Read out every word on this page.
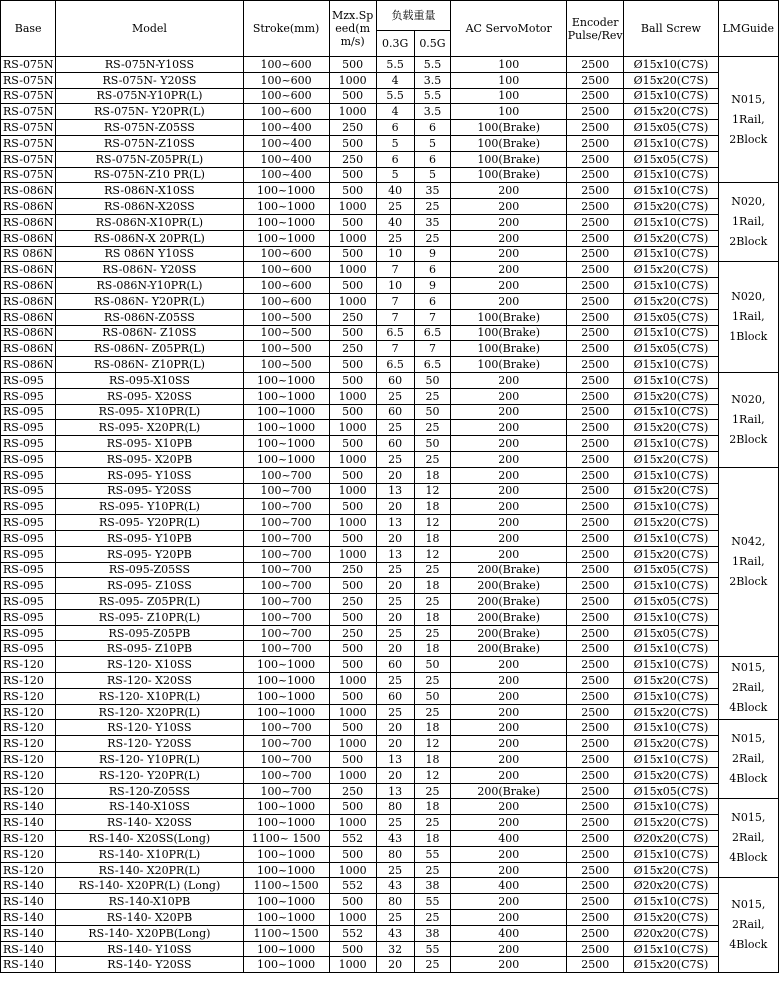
Base	Model	Stroke(mm)	Mzx.Speed(mm/s)	负载重量		AC ServoMotor	Encoder Pulse/Rev	Ball Screw	LMGuide
				0.3G	0.5G				
RS-075N	RS-075N-Y10SS	100~600	500	5.5	5.5	100	2500	Ø15x10(C7S)	N015,
1Rail,
2Block

RS-075N	RS-075N- Y20SS	100~600	1000	4	3.5	100	2500	Ø15x20(C7S)	
RS-075N	RS-075N-Y10PR(L)	100~600	500	5.5	5.5	100	2500	Ø15x10(C7S)	
RS-075N	RS-075N- Y20PR(L)	100~600	1000	4	3.5	100	2500	Ø15x20(C7S)	
RS-075N	RS-075N-Z05SS	100~400	250	6	6	100(Brake)	2500	Ø15x05(C7S)	
RS-075N	RS-075N-Z10SS	100~400	500	5	5	100(Brake)	2500	Ø15x10(C7S)	
RS-075N	RS-075N-Z05PR(L)	100~400	250	6	6	100(Brake)	2500	Ø15x05(C7S)	
RS-075N	RS-075N-Z10 PR(L)	100~400	500	5	5	100(Brake)	2500	Ø15x10(C7S)	
RS-086N	RS-086N-X10SS	100~1000	500	40	35	200	2500	Ø15x10(C7S)	N020,
1Rail,
2Block

RS-086N	RS-086N-X20SS	100~1000	1000	25	25	200	2500	Ø15x20(C7S)	
RS-086N	RS-086N-X10PR(L)	100~1000	500	40	35	200	2500	Ø15x10(C7S)	
RS-086N	RS-086N-X 20PR(L)	100~1000	1000	25	25	200	2500	Ø15x20(C7S)	
RS 086N	RS 086N Y10SS	100~600	500	10	9	200	2500	Ø15x10(C7S)	
RS-086N	RS-086N- Y20SS	100~600	1000	7	6	200	2500	Ø15x20(C7S)	N020,
1Rail,
1Block

RS-086N	RS-086N-Y10PR(L)	100~600	500	10	9	200	2500	Ø15x10(C7S)	
RS-086N	RS-086N- Y20PR(L)	100~600	1000	7	6	200	2500	Ø15x20(C7S)	
RS-086N	RS-086N-Z05SS	100~500	250	7	7	100(Brake)	2500	Ø15x05(C7S)	
RS-086N	RS-086N- Z10SS	100~500	500	6.5	6.5	100(Brake)	2500	Ø15x10(C7S)	
RS-086N	RS-086N- Z05PR(L)	100~500	250	7	7	100(Brake)	2500	Ø15x05(C7S)	
RS-086N	RS-086N- Z10PR(L)	100~500	500	6.5	6.5	100(Brake)	2500	Ø15x10(C7S)	
RS-095	RS-095-X10SS	100~1000	500	60	50	200	2500	Ø15x10(C7S)	N020,
1Rail,
2Block

RS-095	RS-095- X20SS	100~1000	1000	25	25	200	2500	Ø15x20(C7S)	
RS-095	RS-095- X10PR(L)	100~1000	500	60	50	200	2500	Ø15x10(C7S)	
RS-095	RS-095- X20PR(L)	100~1000	1000	25	25	200	2500	Ø15x20(C7S)	
RS-095	RS-095- X10PB	100~1000	500	60	50	200	2500	Ø15x10(C7S)	
RS-095	RS-095- X20PB	100~1000	1000	25	25	200	2500	Ø15x20(C7S)	
RS-095	RS-095- Y10SS	100~700	500	20	18	200	2500	Ø15x10(C7S)	N042,
1Rail,
2Block

RS-095	RS-095- Y20SS	100~700	1000	13	12	200	2500	Ø15x20(C7S)	
RS-095	RS-095- Y10PR(L)	100~700	500	20	18	200	2500	Ø15x10(C7S)	
RS-095	RS-095- Y20PR(L)	100~700	1000	13	12	200	2500	Ø15x20(C7S)	
RS-095	RS-095- Y10PB	100~700	500	20	18	200	2500	Ø15x10(C7S)	
RS-095	RS-095- Y20PB	100~700	1000	13	12	200	2500	Ø15x20(C7S)	
RS-095	RS-095-Z05SS	100~700	250	25	25	200(Brake)	2500	Ø15x05(C7S)	
RS-095	RS-095- Z10SS	100~700	500	20	18	200(Brake)	2500	Ø15x10(C7S)	
RS-095	RS-095- Z05PR(L)	100~700	250	25	25	200(Brake)	2500	Ø15x05(C7S)	
RS-095	RS-095- Z10PR(L)	100~700	500	20	18	200(Brake)	2500	Ø15x10(C7S)	
RS-095	RS-095-Z05PB	100~700	250	25	25	200(Brake)	2500	Ø15x05(C7S)	
RS-095	RS-095- Z10PB	100~700	500	20	18	200(Brake)	2500	Ø15x10(C7S)	
RS-120	RS-120- X10SS	100~1000	500	60	50	200	2500	Ø15x10(C7S)	N015,
2Rail,
4Block

RS-120	RS-120- X20SS	100~1000	1000	25	25	200	2500	Ø15x20(C7S)	
RS-120	RS-120- X10PR(L)	100~1000	500	60	50	200	2500	Ø15x10(C7S)	
RS-120	RS-120- X20PR(L)	100~1000	1000	25	25	200	2500	Ø15x20(C7S)	
RS-120	RS-120- Y10SS	100~700	500	20	18	200	2500	Ø15x10(C7S)	N015,
2Rail,
4Block

RS-120	RS-120- Y20SS	100~700	1000	20	12	200	2500	Ø15x20(C7S)	
RS-120	RS-120- Y10PR(L)	100~700	500	13	18	200	2500	Ø15x10(C7S)	
RS-120	RS-120- Y20PR(L)	100~700	1000	20	12	200	2500	Ø15x20(C7S)	
RS-120	RS-120-Z05SS	100~700	250	13	25	200(Brake)	2500	Ø15x05(C7S)	
RS-140	RS-140-X10SS	100~1000	500	80	18	200	2500	Ø15x10(C7S)	N015,
2Rail,
4Block

RS-140	RS-140- X20SS	100~1000	1000	25	25	200	2500	Ø15x20(C7S)	
RS-120	RS-140- X20SS(Long)	1100~ 1500	552	43	18	400	2500	Ø20x20(C7S)	
RS-120	RS-140- X10PR(L)	100~1000	500	80	55	200	2500	Ø15x10(C7S)	
RS-120	RS-140- X20PR(L)	100~1000	1000	25	25	200	2500	Ø15x20(C7S)	
RS-140	RS-140- X20PR(L) (Long)	1100~1500	552	43	38	400	2500	Ø20x20(C7S)	N015,
2Rail,
4Block

RS-140	RS-140-X10PB	100~1000	500	80	55	200	2500	Ø15x10(C7S)	
RS-140	RS-140- X20PB	100~1000	1000	25	25	200	2500	Ø15x20(C7S)	
RS-140	RS-140- X20PB(Long)	1100~1500	552	43	38	400	2500	Ø20x20(C7S)	
RS-140	RS-140- Y10SS	100~1000	500	32	55	200	2500	Ø15x10(C7S)	
RS-140	RS-140- Y20SS	100~1000	1000	20	25	200	2500	Ø15x20(C7S)	
